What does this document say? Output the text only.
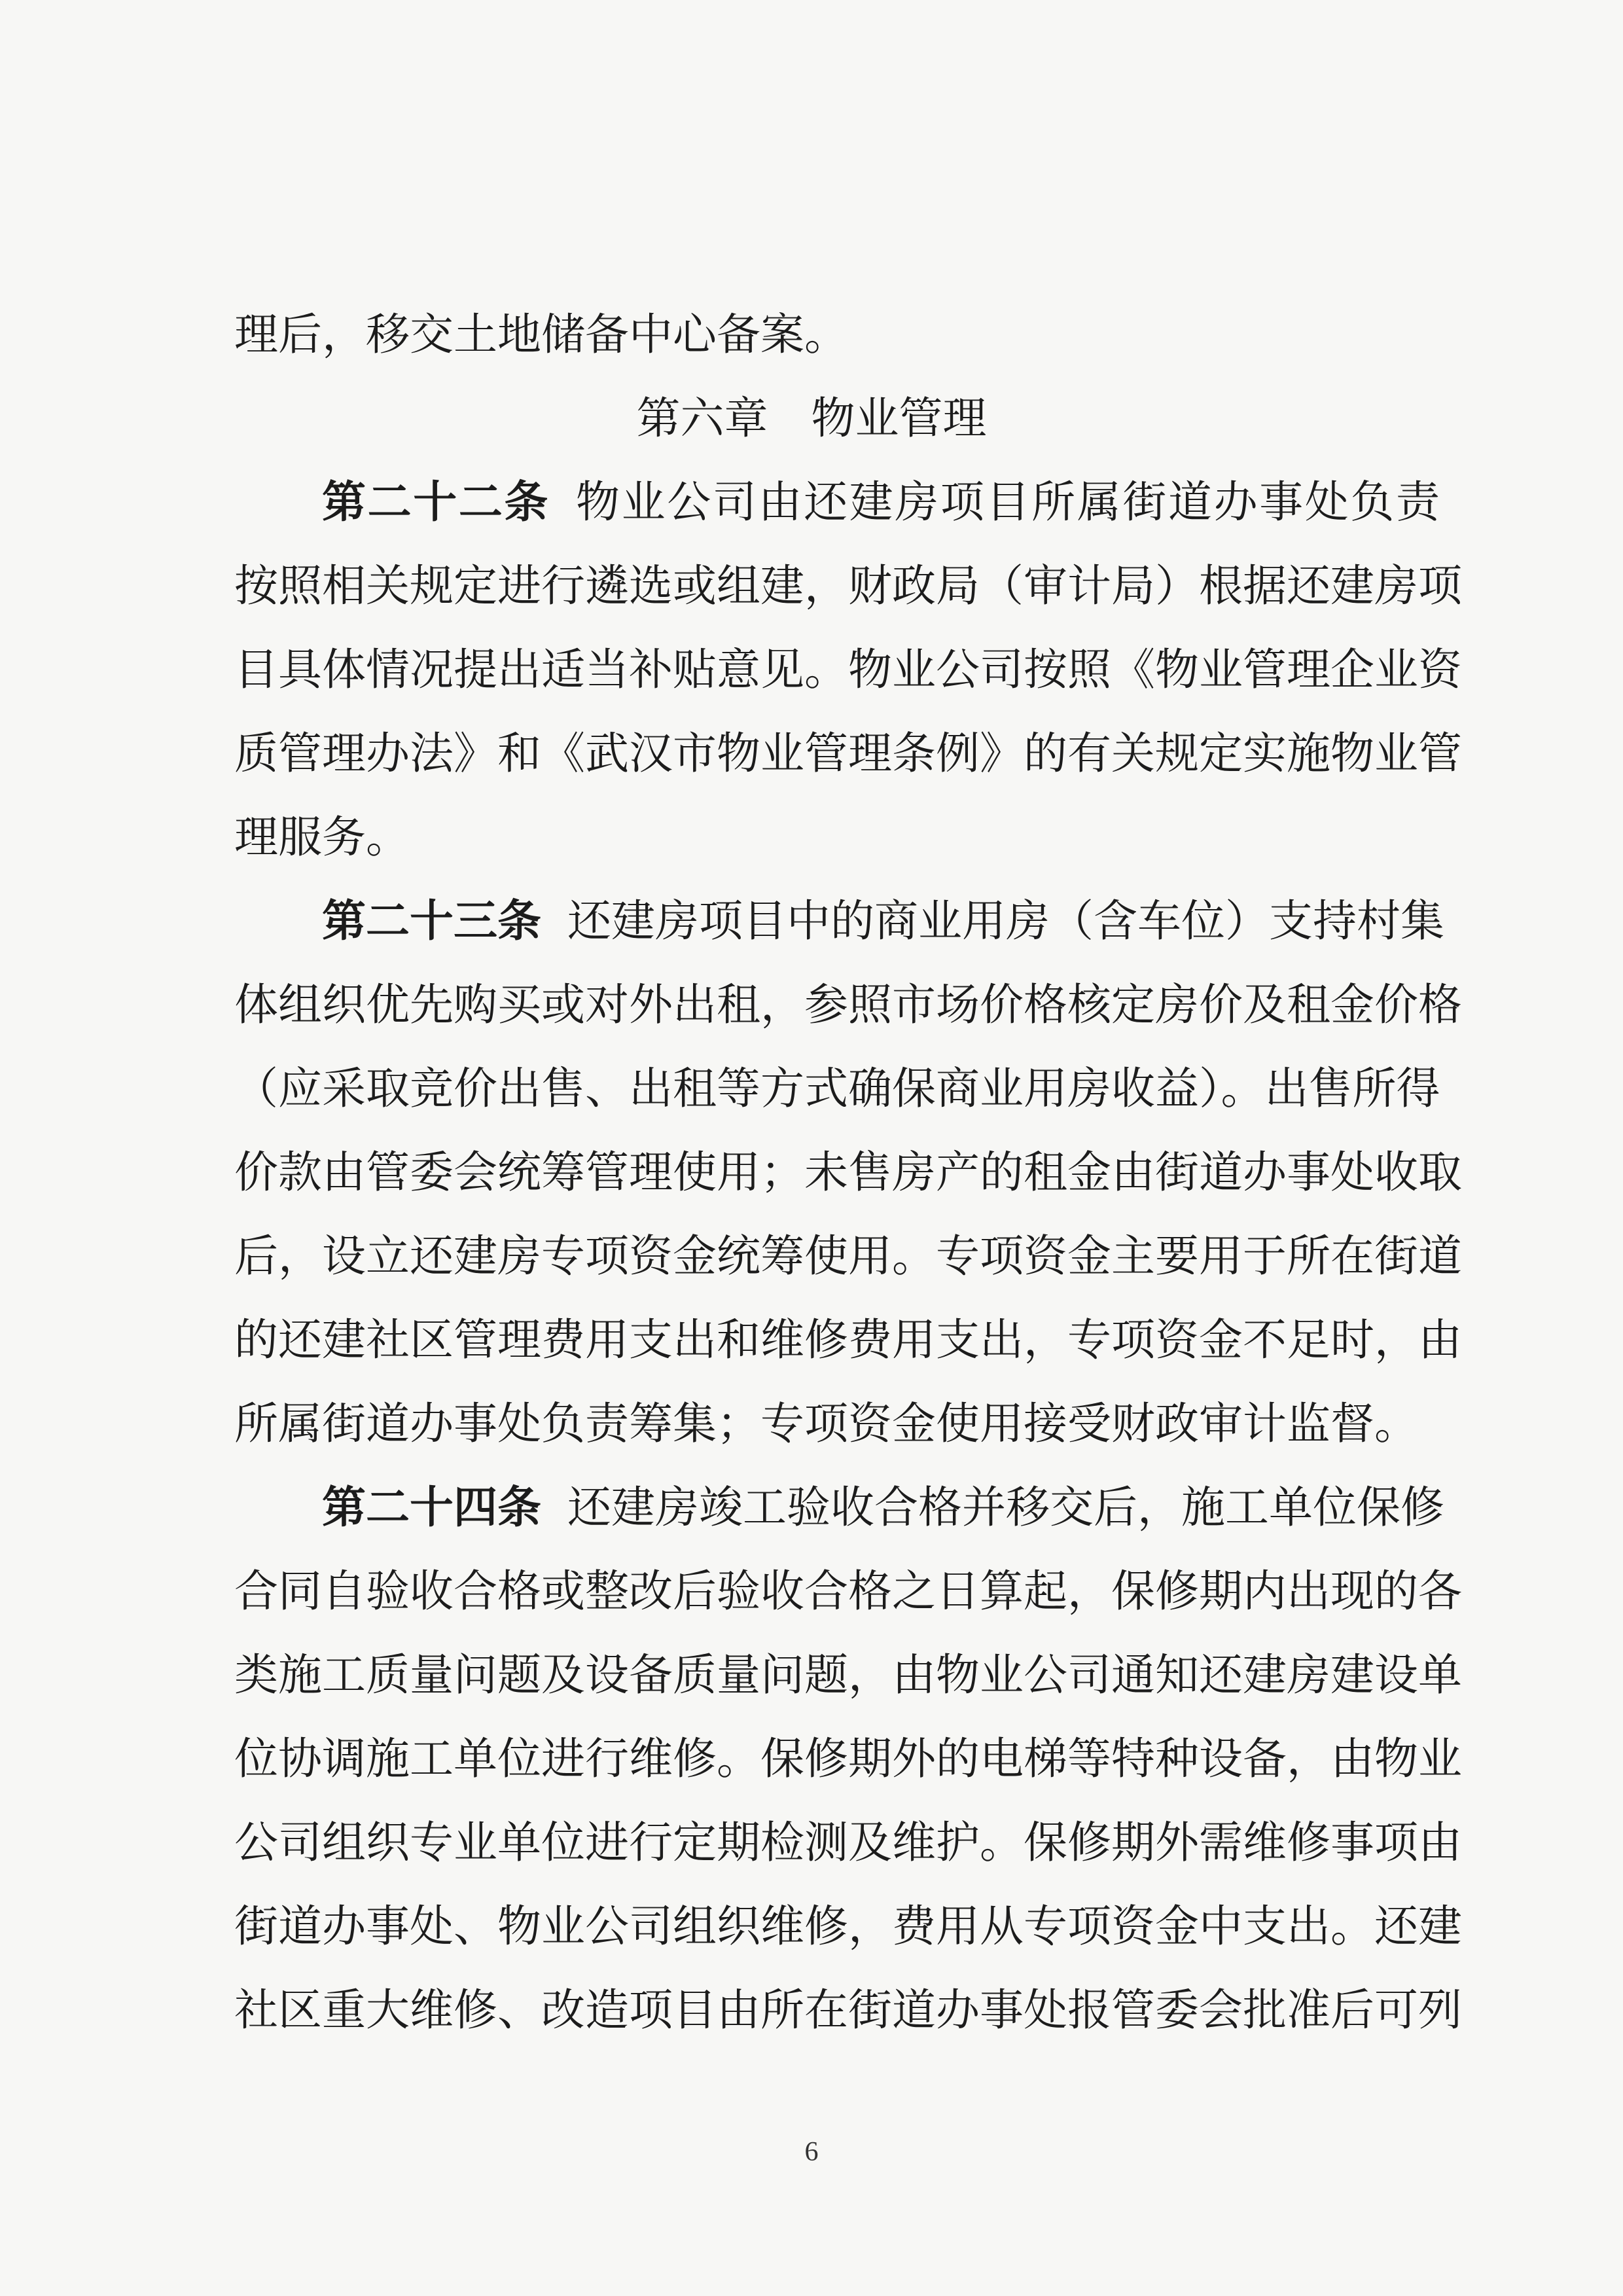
理后，移交土地储备中心备案。
第六章 物业管理
第二十二条 物业公司由还建房项目所属街道办事处负责
按照相关规定进行遴选或组建，财政局（审计局）根据还建房项
目具体情况提出适当补贴意见。物业公司按照《物业管理企业资
质管理办法》和《武汉市物业管理条例》的有关规定实施物业管
理服务。
第二十三条 还建房项目中的商业用房（含车位）支持村集
体组织优先购买或对外出租，参照市场价格核定房价及租金价格
（应采取竞价出售、出租等方式确保商业用房收益）。出售所得
价款由管委会统筹管理使用；未售房产的租金由街道办事处收取
后，设立还建房专项资金统筹使用。专项资金主要用于所在街道
的还建社区管理费用支出和维修费用支出，专项资金不足时，由
所属街道办事处负责筹集；专项资金使用接受财政审计监督。
第二十四条 还建房竣工验收合格并移交后，施工单位保修
合同自验收合格或整改后验收合格之日算起，保修期内出现的各
类施工质量问题及设备质量问题，由物业公司通知还建房建设单
位协调施工单位进行维修。保修期外的电梯等特种设备，由物业
公司组织专业单位进行定期检测及维护。保修期外需维修事项由
街道办事处、物业公司组织维修，费用从专项资金中支出。还建
社区重大维修、改造项目由所在街道办事处报管委会批准后可列
6
